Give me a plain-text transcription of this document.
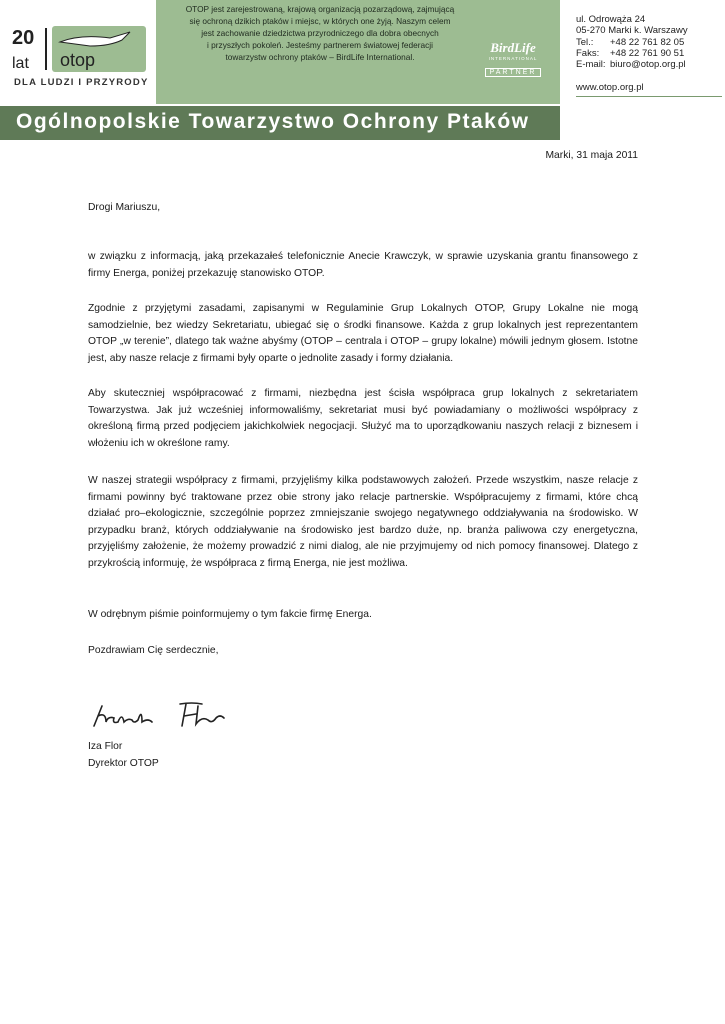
20
lat otop
DLA LUDZI I PRZYRODY
OTOP jest zarejestrowaną, krajową organizacją pozarządową, zajmującą
się ochroną dzikich ptaków i miejsc, w których one żyją. Naszym celem
jest zachowanie dziedzictwa przyrodniczego dla dobra obecnych
i przyszłych pokoleń. Jesteśmy partnerem światowej federacji
towarzystw ochrony ptaków – BirdLife International.
BirdLife
INTERNATIONAL
PARTNER
ul. Odrowąża 24
05-270 Marki k. Warszawy
Tel.:	+48 22 761 82 05
Faks:	+48 22 761 90 51
E-mail: biuro@otop.org.pl
www.otop.org.pl
Ogólnopolskie Towarzystwo Ochrony Ptaków
Marki, 31 maja 2011

Drogi Mariuszu,

w związku z informacją, jaką przekazałeś telefonicznie Anecie Krawczyk, w sprawie uzyskania grantu finansowego z firmy Energa, poniżej przekazuję stanowisko OTOP.

Zgodnie z przyjętymi zasadami, zapisanymi w Regulaminie Grup Lokalnych OTOP, Grupy Lokalne nie mogą samodzielnie, bez wiedzy Sekretariatu, ubiegać się o środki finansowe. Każda z grup lokalnych jest reprezentantem OTOP „w terenie”, dlatego tak ważne abyśmy (OTOP – centrala i OTOP – grupy lokalne) mówili jednym głosem. Istotne jest, aby nasze relacje z firmami były oparte o jednolite zasady i formy działania.

Aby skuteczniej współpracować z firmami, niezbędna jest ścisła współpraca grup lokalnych z sekretariatem Towarzystwa. Jak już wcześniej informowaliśmy, sekretariat musi być powiadamiany o możliwości współpracy z określoną firmą przed podjęciem jakichkolwiek negocjacji. Służyć ma to uporządkowaniu naszych relacji z biznesem i włożeniu ich w określone ramy.

W naszej strategii współpracy z firmami, przyjęliśmy kilka podstawowych założeń. Przede wszystkim, nasze relacje z firmami powinny być traktowane przez obie strony jako relacje partnerskie. Współpracujemy z firmami, które chcą działać pro–ekologicznie, szczególnie poprzez zmniejszanie swojego negatywnego oddziaływania na środowisko. W przypadku branż, których oddziaływanie na środowisko jest bardzo duże, np. branża paliwowa czy energetyczna, przyjęliśmy założenie, że możemy prowadzić z nimi dialog, ale nie przyjmujemy od nich pomocy finansowej. Dlatego z przykrością informuję, że współpraca z firmą Energa, nie jest możliwa.

W odrębnym piśmie poinformujemy o tym fakcie firmę Energa.

Pozdrawiam Cię serdecznie,

Iza Flor
Dyrektor OTOP
